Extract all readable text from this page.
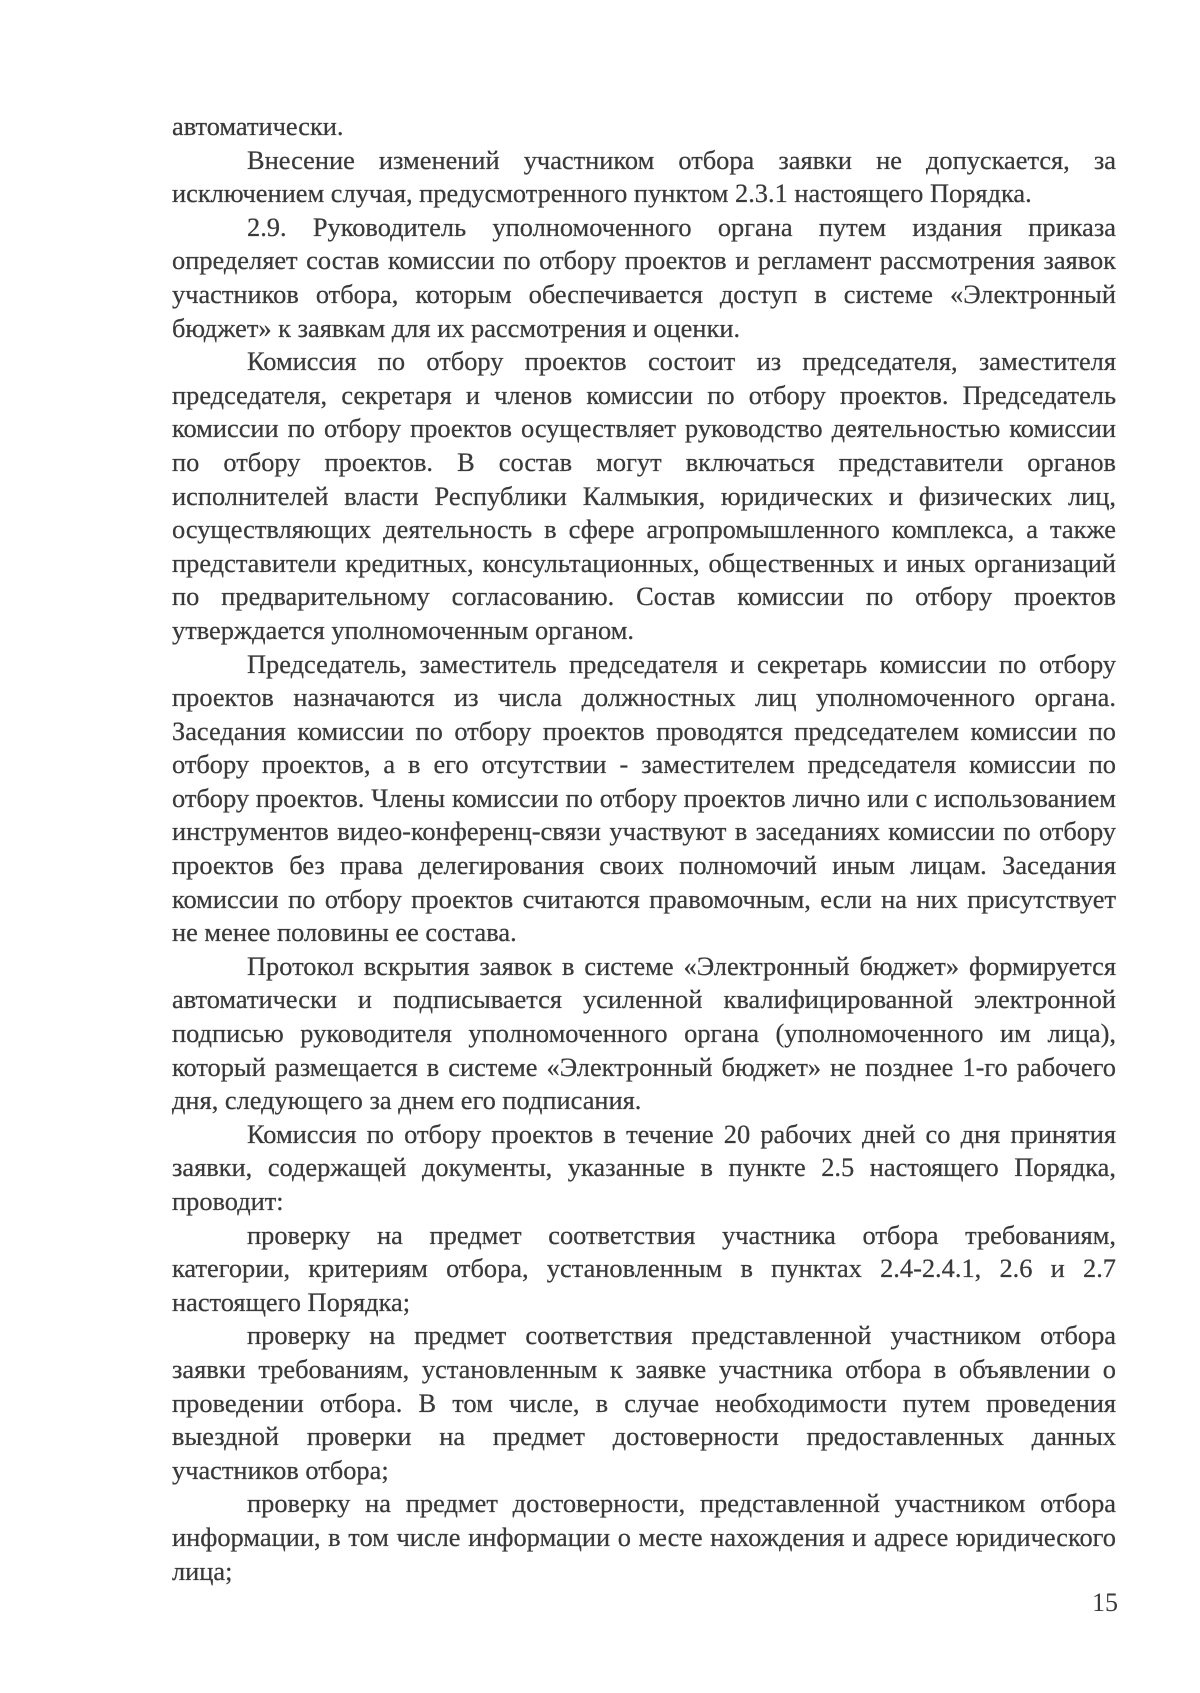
автоматически.

Внесение изменений участником отбора заявки не допускается, за исключением случая, предусмотренного пунктом 2.3.1 настоящего Порядка.

2.9. Руководитель уполномоченного органа путем издания приказа определяет состав комиссии по отбору проектов и регламент рассмотрения заявок участников отбора, которым обеспечивается доступ в системе «Электронный бюджет» к заявкам для их рассмотрения и оценки.

Комиссия по отбору проектов состоит из председателя, заместителя председателя, секретаря и членов комиссии по отбору проектов. Председатель комиссии по отбору проектов осуществляет руководство деятельностью комиссии по отбору проектов. В состав могут включаться представители органов исполнителей власти Республики Калмыкия, юридических и физических лиц, осуществляющих деятельность в сфере агропромышленного комплекса, а также представители кредитных, консультационных, общественных и иных организаций по предварительному согласованию. Состав комиссии по отбору проектов утверждается уполномоченным органом.

Председатель, заместитель председателя и секретарь комиссии по отбору проектов назначаются из числа должностных лиц уполномоченного органа. Заседания комиссии по отбору проектов проводятся председателем комиссии по отбору проектов, а в его отсутствии - заместителем председателя комиссии по отбору проектов. Члены комиссии по отбору проектов лично или с использованием инструментов видео-конференц-связи участвуют в заседаниях комиссии по отбору проектов без права делегирования своих полномочий иным лицам. Заседания комиссии по отбору проектов считаются правомочным, если на них присутствует не менее половины ее состава.

Протокол вскрытия заявок в системе «Электронный бюджет» формируется автоматически и подписывается усиленной квалифицированной электронной подписью руководителя уполномоченного органа (уполномоченного им лица), который размещается в системе «Электронный бюджет» не позднее 1-го рабочего дня, следующего за днем его подписания.

Комиссия по отбору проектов в течение 20 рабочих дней со дня принятия заявки, содержащей документы, указанные в пункте 2.5 настоящего Порядка, проводит:

проверку на предмет соответствия участника отбора требованиям, категории, критериям отбора, установленным в пунктах 2.4-2.4.1, 2.6 и 2.7 настоящего Порядка;

проверку на предмет соответствия представленной участником отбора заявки требованиям, установленным к заявке участника отбора в объявлении о проведении отбора. В том числе, в случае необходимости путем проведения выездной проверки на предмет достоверности предоставленных данных участников отбора;

проверку на предмет достоверности, представленной участником отбора информации, в том числе информации о месте нахождения и адресе юридического лица;

15
